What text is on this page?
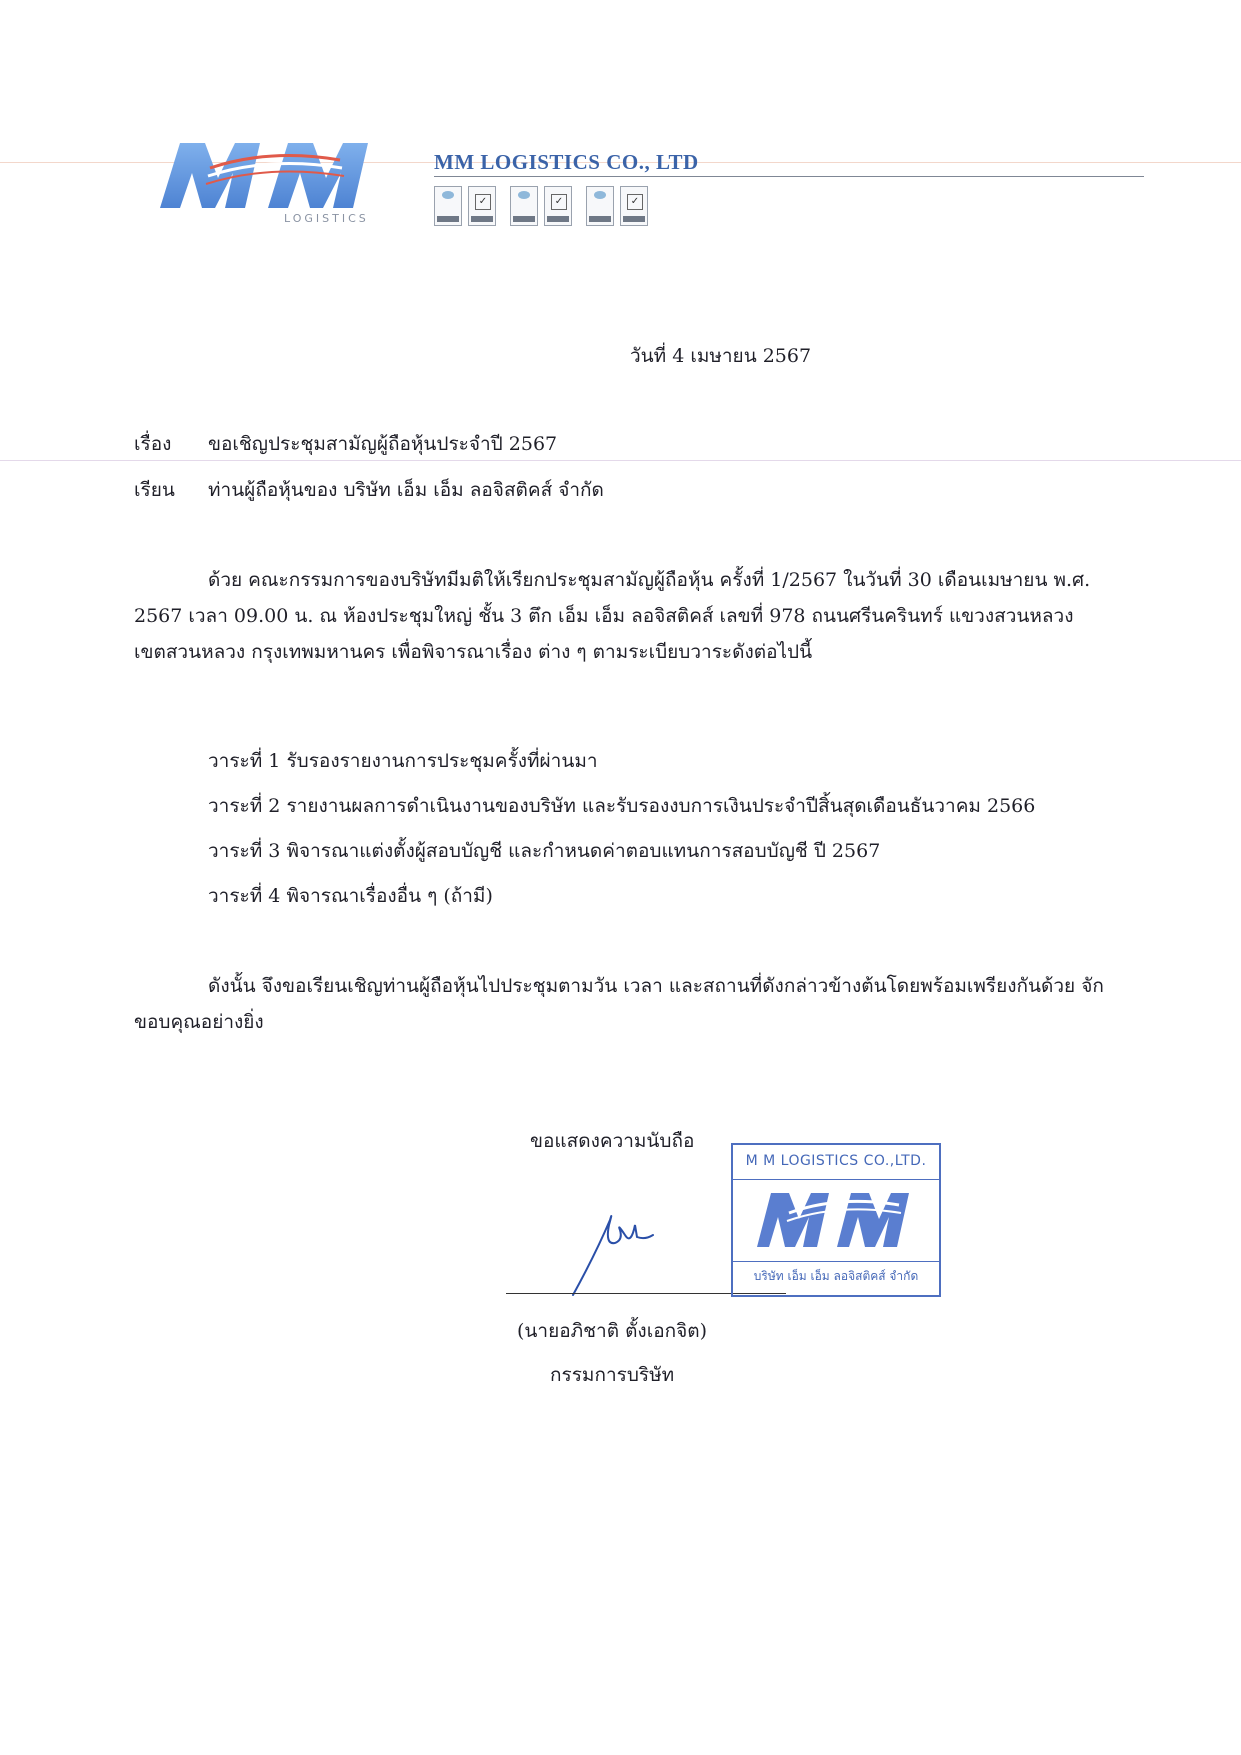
LOGISTICS
MM LOGISTICS CO., LTD
✓	✓	✓
วันที่ 4 เมษายน 2567
เรื่อง ขอเชิญประชุมสามัญผู้ถือหุ้นประจำปี 2567
เรียน ท่านผู้ถือหุ้นของ บริษัท เอ็ม เอ็ม ลอจิสติคส์ จำกัด
ด้วย คณะกรรมการของบริษัทมีมติให้เรียกประชุมสามัญผู้ถือหุ้น ครั้งที่ 1/2567 ในวันที่ 30 เดือนเมษายน พ.ศ. 2567 เวลา 09.00 น. ณ ห้องประชุมใหญ่ ชั้น 3 ตึก เอ็ม เอ็ม ลอจิสติคส์ เลขที่ 978 ถนนศรีนครินทร์ แขวงสวนหลวง เขตสวนหลวง กรุงเทพมหานคร เพื่อพิจารณาเรื่อง ต่าง ๆ ตามระเบียบวาระดังต่อไปนี้
วาระที่ 1 รับรองรายงานการประชุมครั้งที่ผ่านมา
วาระที่ 2 รายงานผลการดำเนินงานของบริษัท และรับรองงบการเงินประจำปีสิ้นสุดเดือนธันวาคม 2566
วาระที่ 3 พิจารณาแต่งตั้งผู้สอบบัญชี และกำหนดค่าตอบแทนการสอบบัญชี ปี 2567
วาระที่ 4 พิจารณาเรื่องอื่น ๆ (ถ้ามี)
ดังนั้น จึงขอเรียนเชิญท่านผู้ถือหุ้นไปประชุมตามวัน เวลา และสถานที่ดังกล่าวข้างต้นโดยพร้อมเพรียงกันด้วย จักขอบคุณอย่างยิ่ง
ขอแสดงความนับถือ
(นายอภิชาติ ตั้งเอกจิต)
กรรมการบริษัท
M M LOGISTICS CO.,LTD.
บริษัท เอ็ม เอ็ม ลอจิสติคส์ จำกัด
